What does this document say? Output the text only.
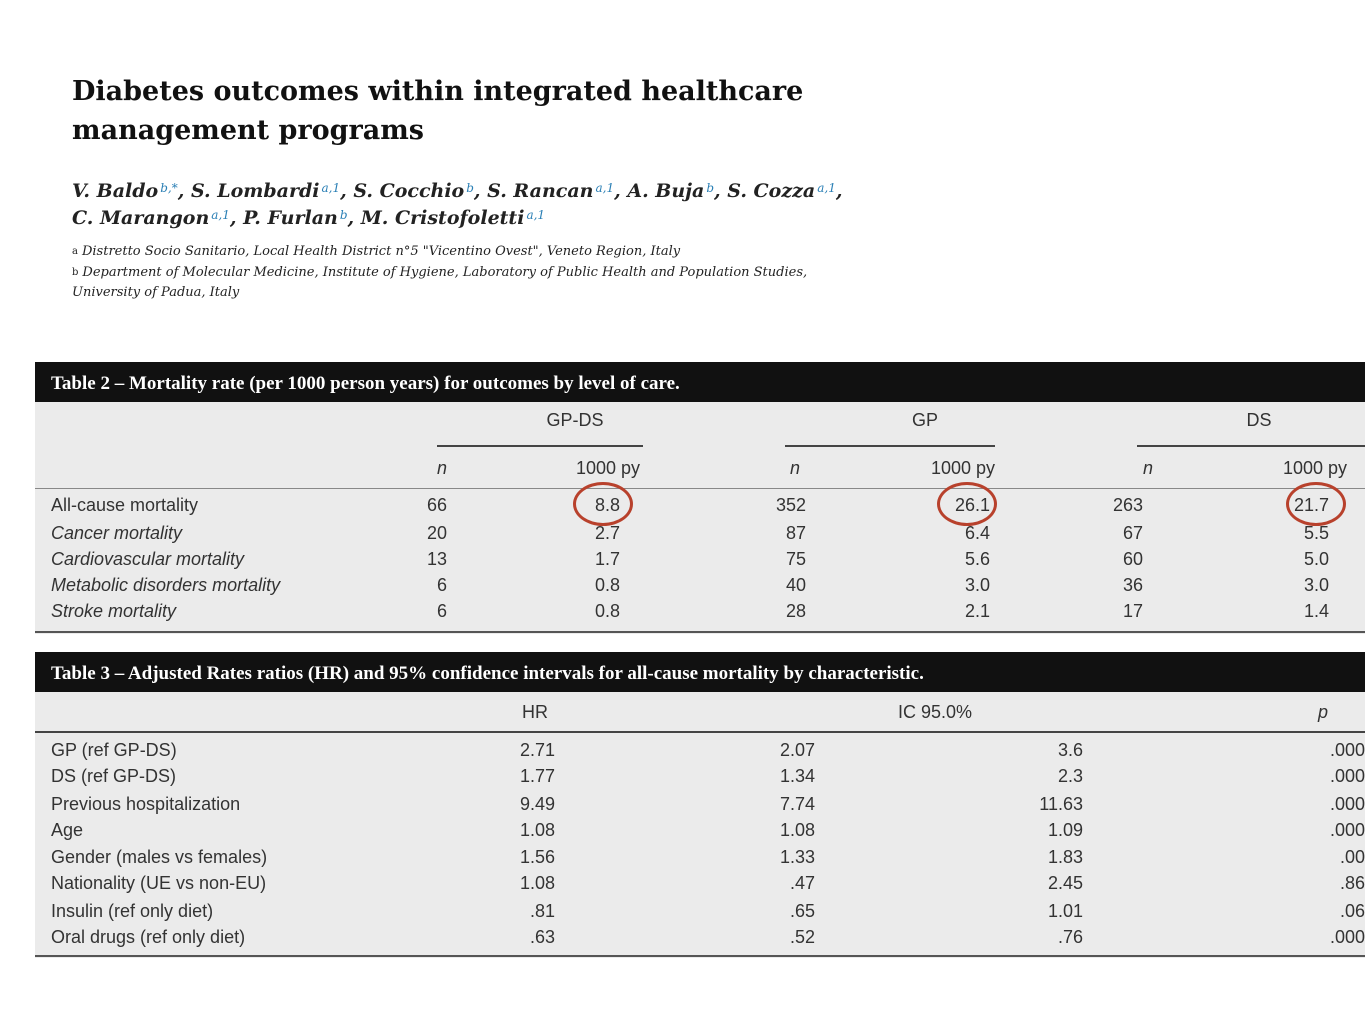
Diabetes outcomes within integrated healthcare management programs
V. Baldo $^{b,*}$, S. Lombardi $^{a,1}$, S. Cocchio $^b$, S. Rancan $^{a,1}$, A. Buja $^b$, S. Cozza $^{a,1}$,
C. Marangon $^{a,1}$, P. Furlan $^b$, M. Cristofoletti $^{a,1}$
$^a$ Distretto Socio Sanitario, Local Health District n°5 "Vicentino Ovest", Veneto Region, Italy
$^b$ Department of Molecular Medicine, Institute of Hygiene, Laboratory of Public Health and Population Studies,
University of Padua, Italy
Table 2 – Mortality rate (per 1000 person years) for outcomes by level of care.
GP-DS	GP	DS
n	1000 py	n	1000 py	n	1000 py
All-cause mortality	66	8.8	352	26.1	263	21.7
Cancer mortality	20	2.7	87	6.4	67	5.5
Cardiovascular mortality	13	1.7	75	5.6	60	5.0
Metabolic disorders mortality	6	0.8	40	3.0	36	3.0
Stroke mortality	6	0.8	28	2.1	17	1.4
Table 3 – Adjusted Rates ratios (HR) and 95% confidence intervals for all-cause mortality by characteristic.
HR	IC 95.0%	p
GP (ref GP-DS)	2.71	2.07	3.6	.000
DS (ref GP-DS)	1.77	1.34	2.3	.000
Previous hospitalization	9.49	7.74	11.63	.000
Age	1.08	1.08	1.09	.000
Gender (males vs females)	1.56	1.33	1.83	.00
Nationality (UE vs non-EU)	1.08	.47	2.45	.86
Insulin (ref only diet)	.81	.65	1.01	.06
Oral drugs (ref only diet)	.63	.52	.76	.000
